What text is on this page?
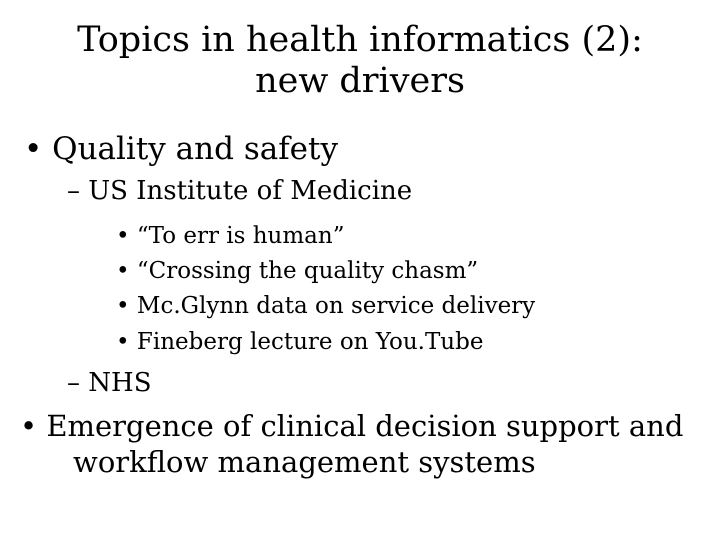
Topics in health informatics (2):
new drivers
• Quality and safety
– US Institute of Medicine
• “To err is human”
• “Crossing the quality chasm”
• Mc.Glynn data on service delivery
• Fineberg lecture on You.Tube
– NHS
• Emergence of clinical decision support and
workflow management systems
